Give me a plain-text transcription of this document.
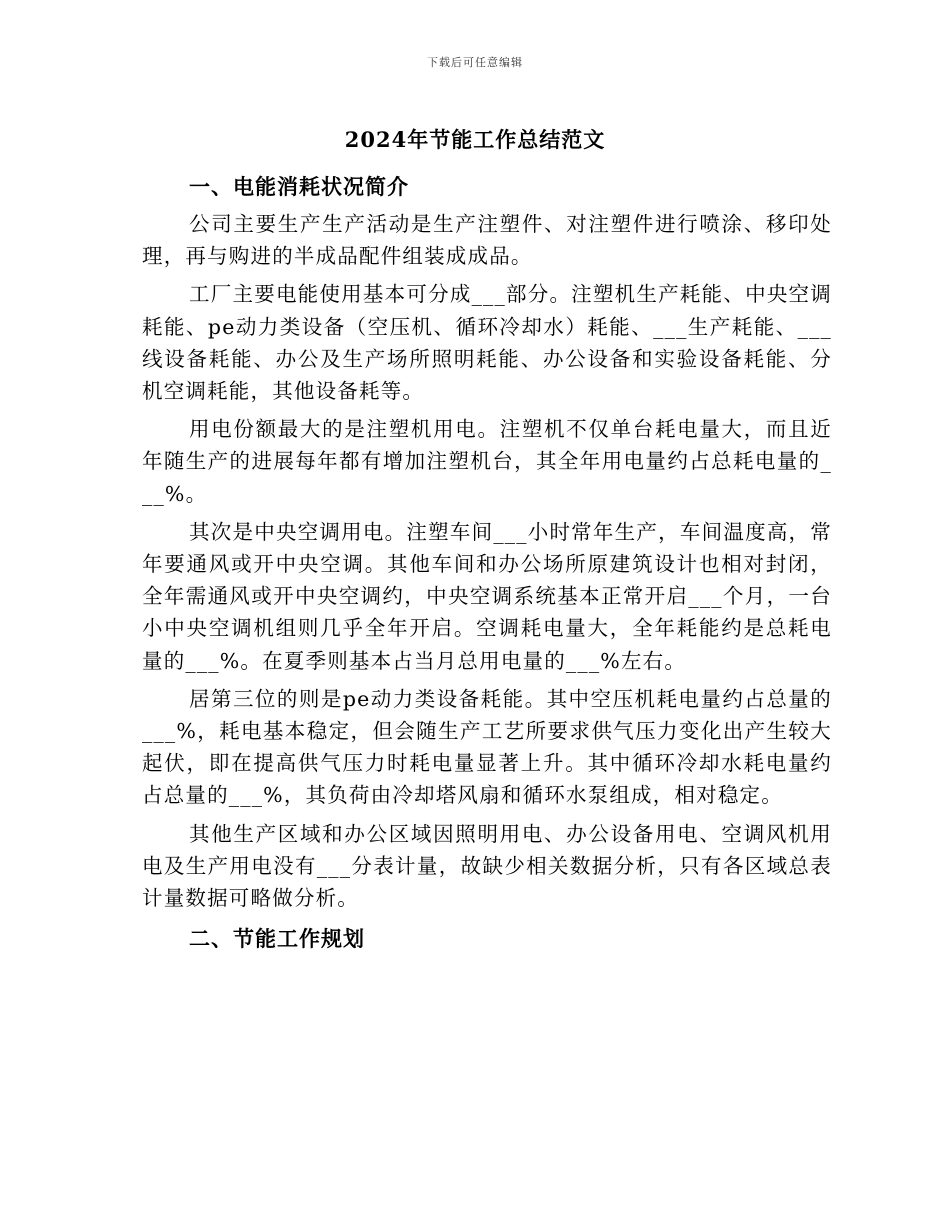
下载后可任意编辑
2024年节能工作总结范文
一、电能消耗状况简介

公司主要生产生产活动是生产注塑件、对注塑件进行喷涂、移印处理，再与购进的半成品配件组装成成品。

工厂主要电能使用基本可分成___部分。注塑机生产耗能、中央空调耗能、pe动力类设备（空压机、循环冷却水）耗能、___生产耗能、___线设备耗能、办公及生产场所照明耗能、办公设备和实验设备耗能、分机空调耗能，其他设备耗等。

用电份额最大的是注塑机用电。注塑机不仅单台耗电量大，而且近年随生产的进展每年都有增加注塑机台，其全年用电量约占总耗电量的___%。

其次是中央空调用电。注塑车间___小时常年生产，车间温度高，常年要通风或开中央空调。其他车间和办公场所原建筑设计也相对封闭，全年需通风或开中央空调约，中央空调系统基本正常开启___个月，一台小中央空调机组则几乎全年开启。空调耗电量大，全年耗能约是总耗电量的___%。在夏季则基本占当月总用电量的___%左右。

居第三位的则是pe动力类设备耗能。其中空压机耗电量约占总量的___%，耗电基本稳定，但会随生产工艺所要求供气压力变化出产生较大起伏，即在提高供气压力时耗电量显著上升。其中循环冷却水耗电量约占总量的___%，其负荷由冷却塔风扇和循环水泵组成，相对稳定。

其他生产区域和办公区域因照明用电、办公设备用电、空调风机用电及生产用电没有___分表计量，故缺少相关数据分析，只有各区域总表计量数据可略做分析。

二、节能工作规划
